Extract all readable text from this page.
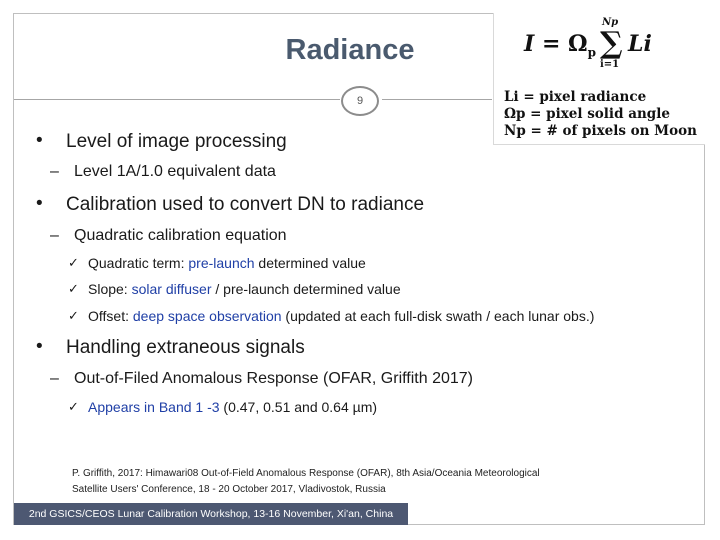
Radiance
9
$I = \Omega_p$
Np
∑
i=1
Li
Li = pixel radiance
Ωp = pixel solid angle
Np = # of pixels on Moon
• Level of image processing
– Level 1A/1.0 equivalent data
• Calibration used to convert DN to radiance
– Quadratic calibration equation
✓ Quadratic term: pre-launch determined value
✓ Slope: solar diffuser / pre-launch determined value
✓ Offset: deep space observation (updated at each full-disk swath / each lunar obs.)
• Handling extraneous signals
– Out-of-Filed Anomalous Response (OFAR, Griffith 2017)
✓ Appears in Band 1 -3 (0.47, 0.51 and 0.64 µm)
P. Griffith, 2017: Himawari08 Out-of-Field Anomalous Response (OFAR), 8th Asia/Oceania Meteorological
Satellite Users' Conference, 18 - 20 October 2017, Vladivostok, Russia
2nd GSICS/CEOS Lunar Calibration Workshop, 13-16 November, Xi'an, China
